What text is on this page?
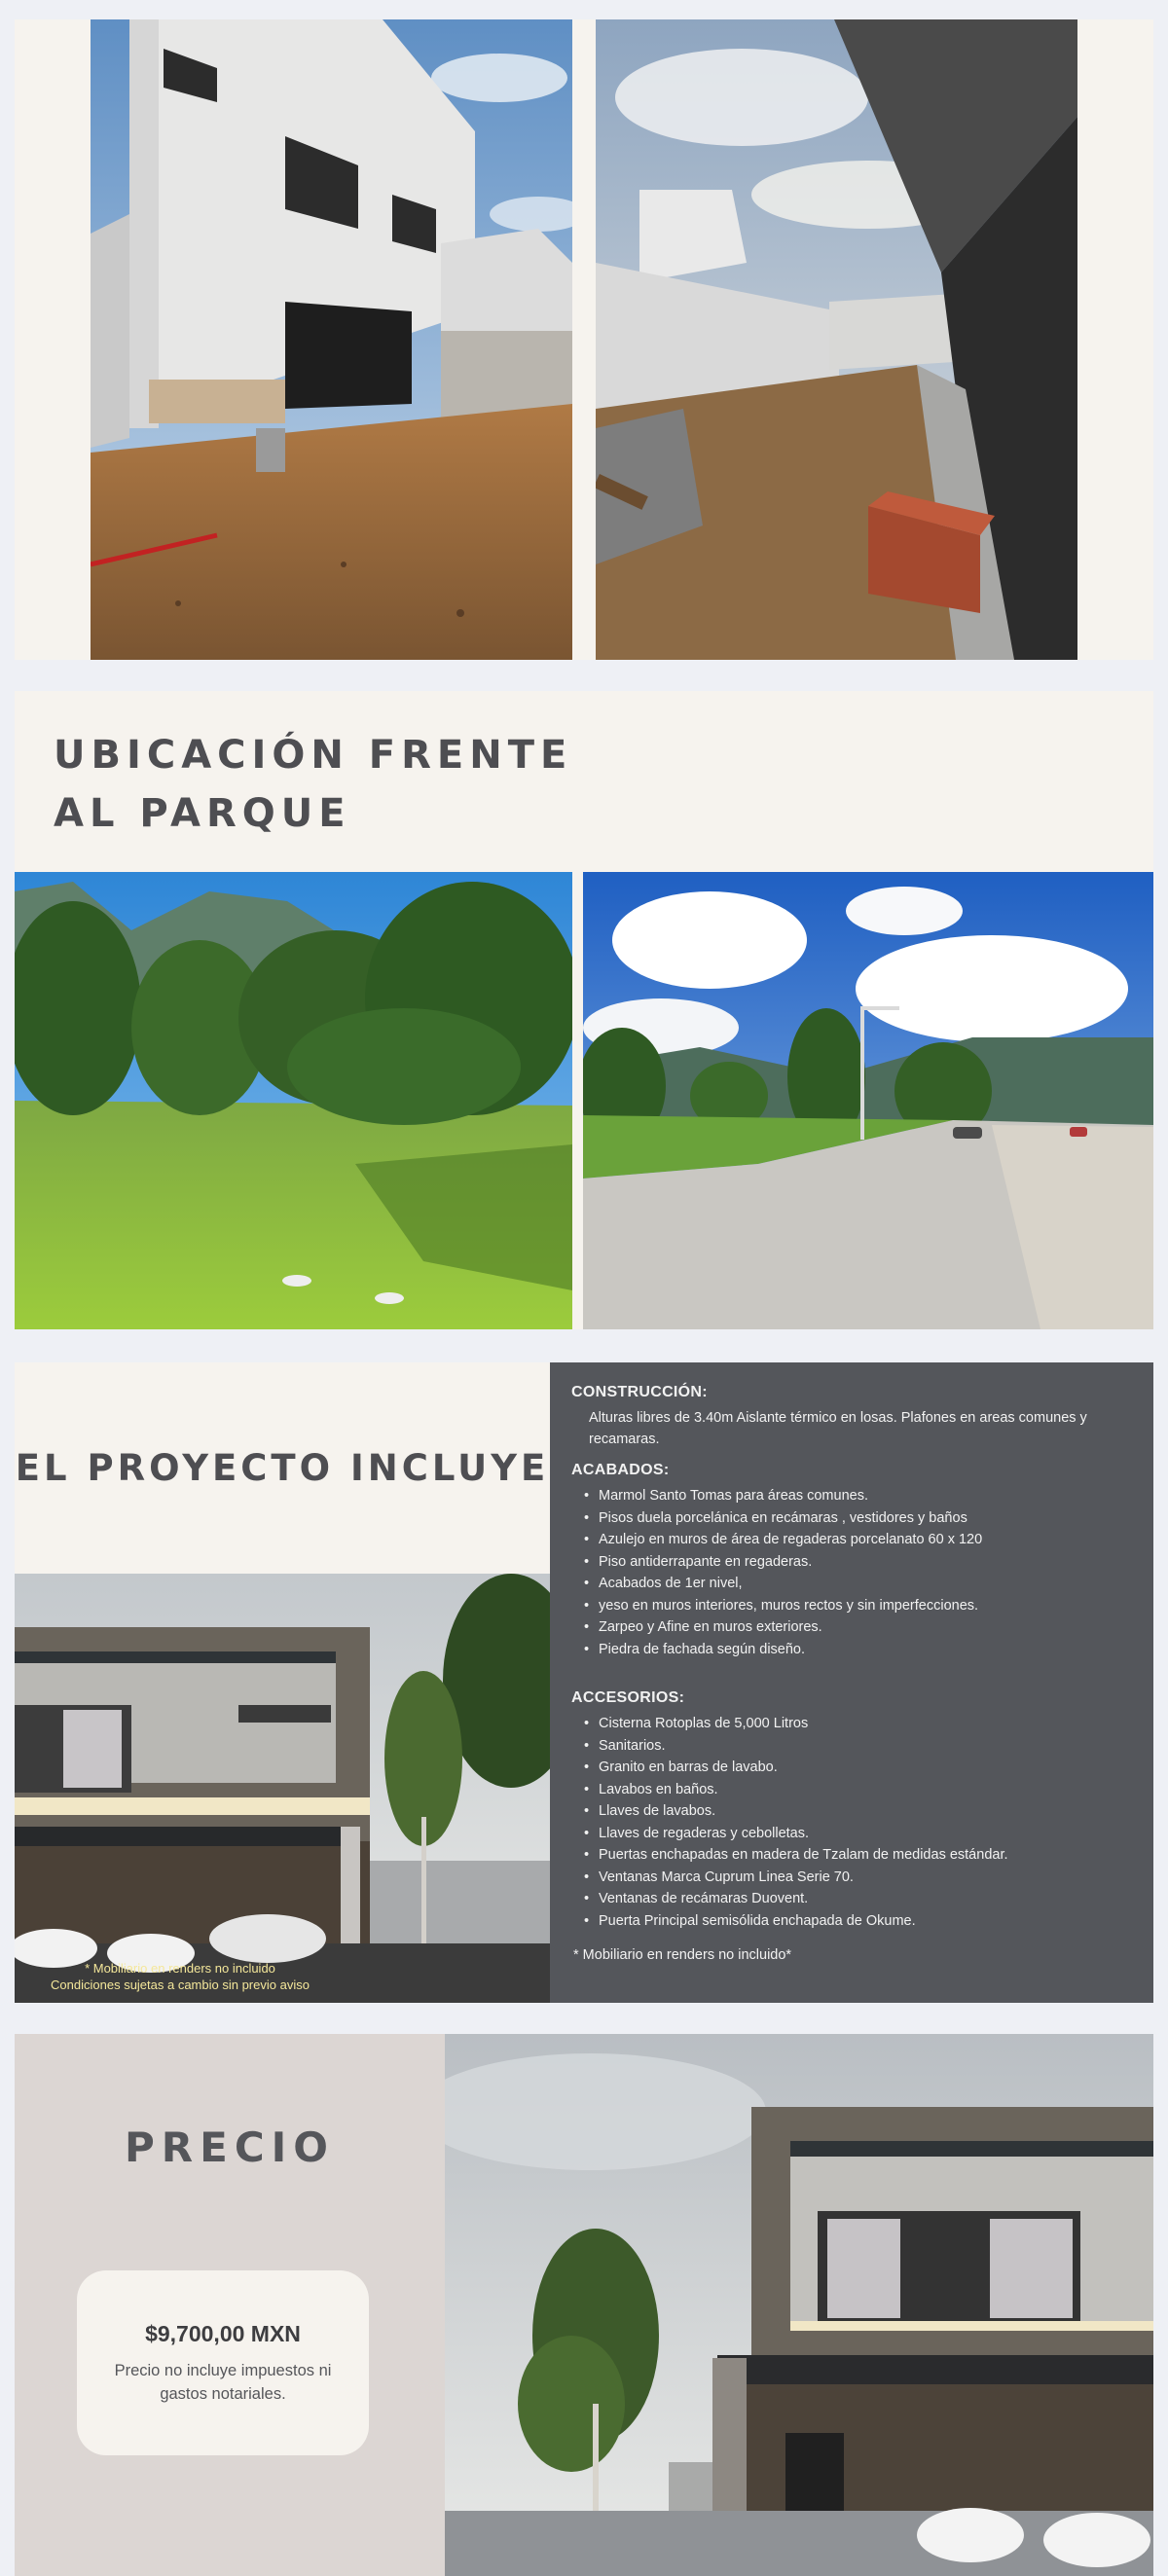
UBICACIÓN FRENTE
AL PARQUE
EL PROYECTO INCLUYE
* Mobiliario en renders no incluido
Condiciones sujetas a cambio sin previo aviso
CONSTRUCCIÓN:

Alturas libres de 3.40m Aislante térmico en losas. Plafones en areas comunes y recamaras.

ACABADOS:
• Marmol Santo Tomas para áreas comunes.
• Pisos duela porcelánica en recámaras , vestidores y baños
• Azulejo en muros de área de regaderas porcelanato 60 x 120
• Piso antiderrapante en regaderas.
• Acabados de 1er nivel,
• yeso en muros interiores, muros rectos y sin imperfecciones.
• Zarpeo y Afine en muros exteriores.
• Piedra de fachada según diseño.
ACCESORIOS:
• Cisterna Rotoplas de 5,000 Litros
• Sanitarios.
• Granito en barras de lavabo.
• Lavabos en baños.
• Llaves de lavabos.
• Llaves de regaderas y cebolletas.
• Puertas enchapadas en madera de Tzalam de medidas estándar.
• Ventanas Marca Cuprum Linea Serie 70.
• Ventanas de recámaras Duovent.
• Puerta Principal semisólida enchapada de Okume.

* Mobiliario en renders no incluido*

PRECIO
$9,700,00 MXN
Precio no incluye impuestos ni gastos notariales.
